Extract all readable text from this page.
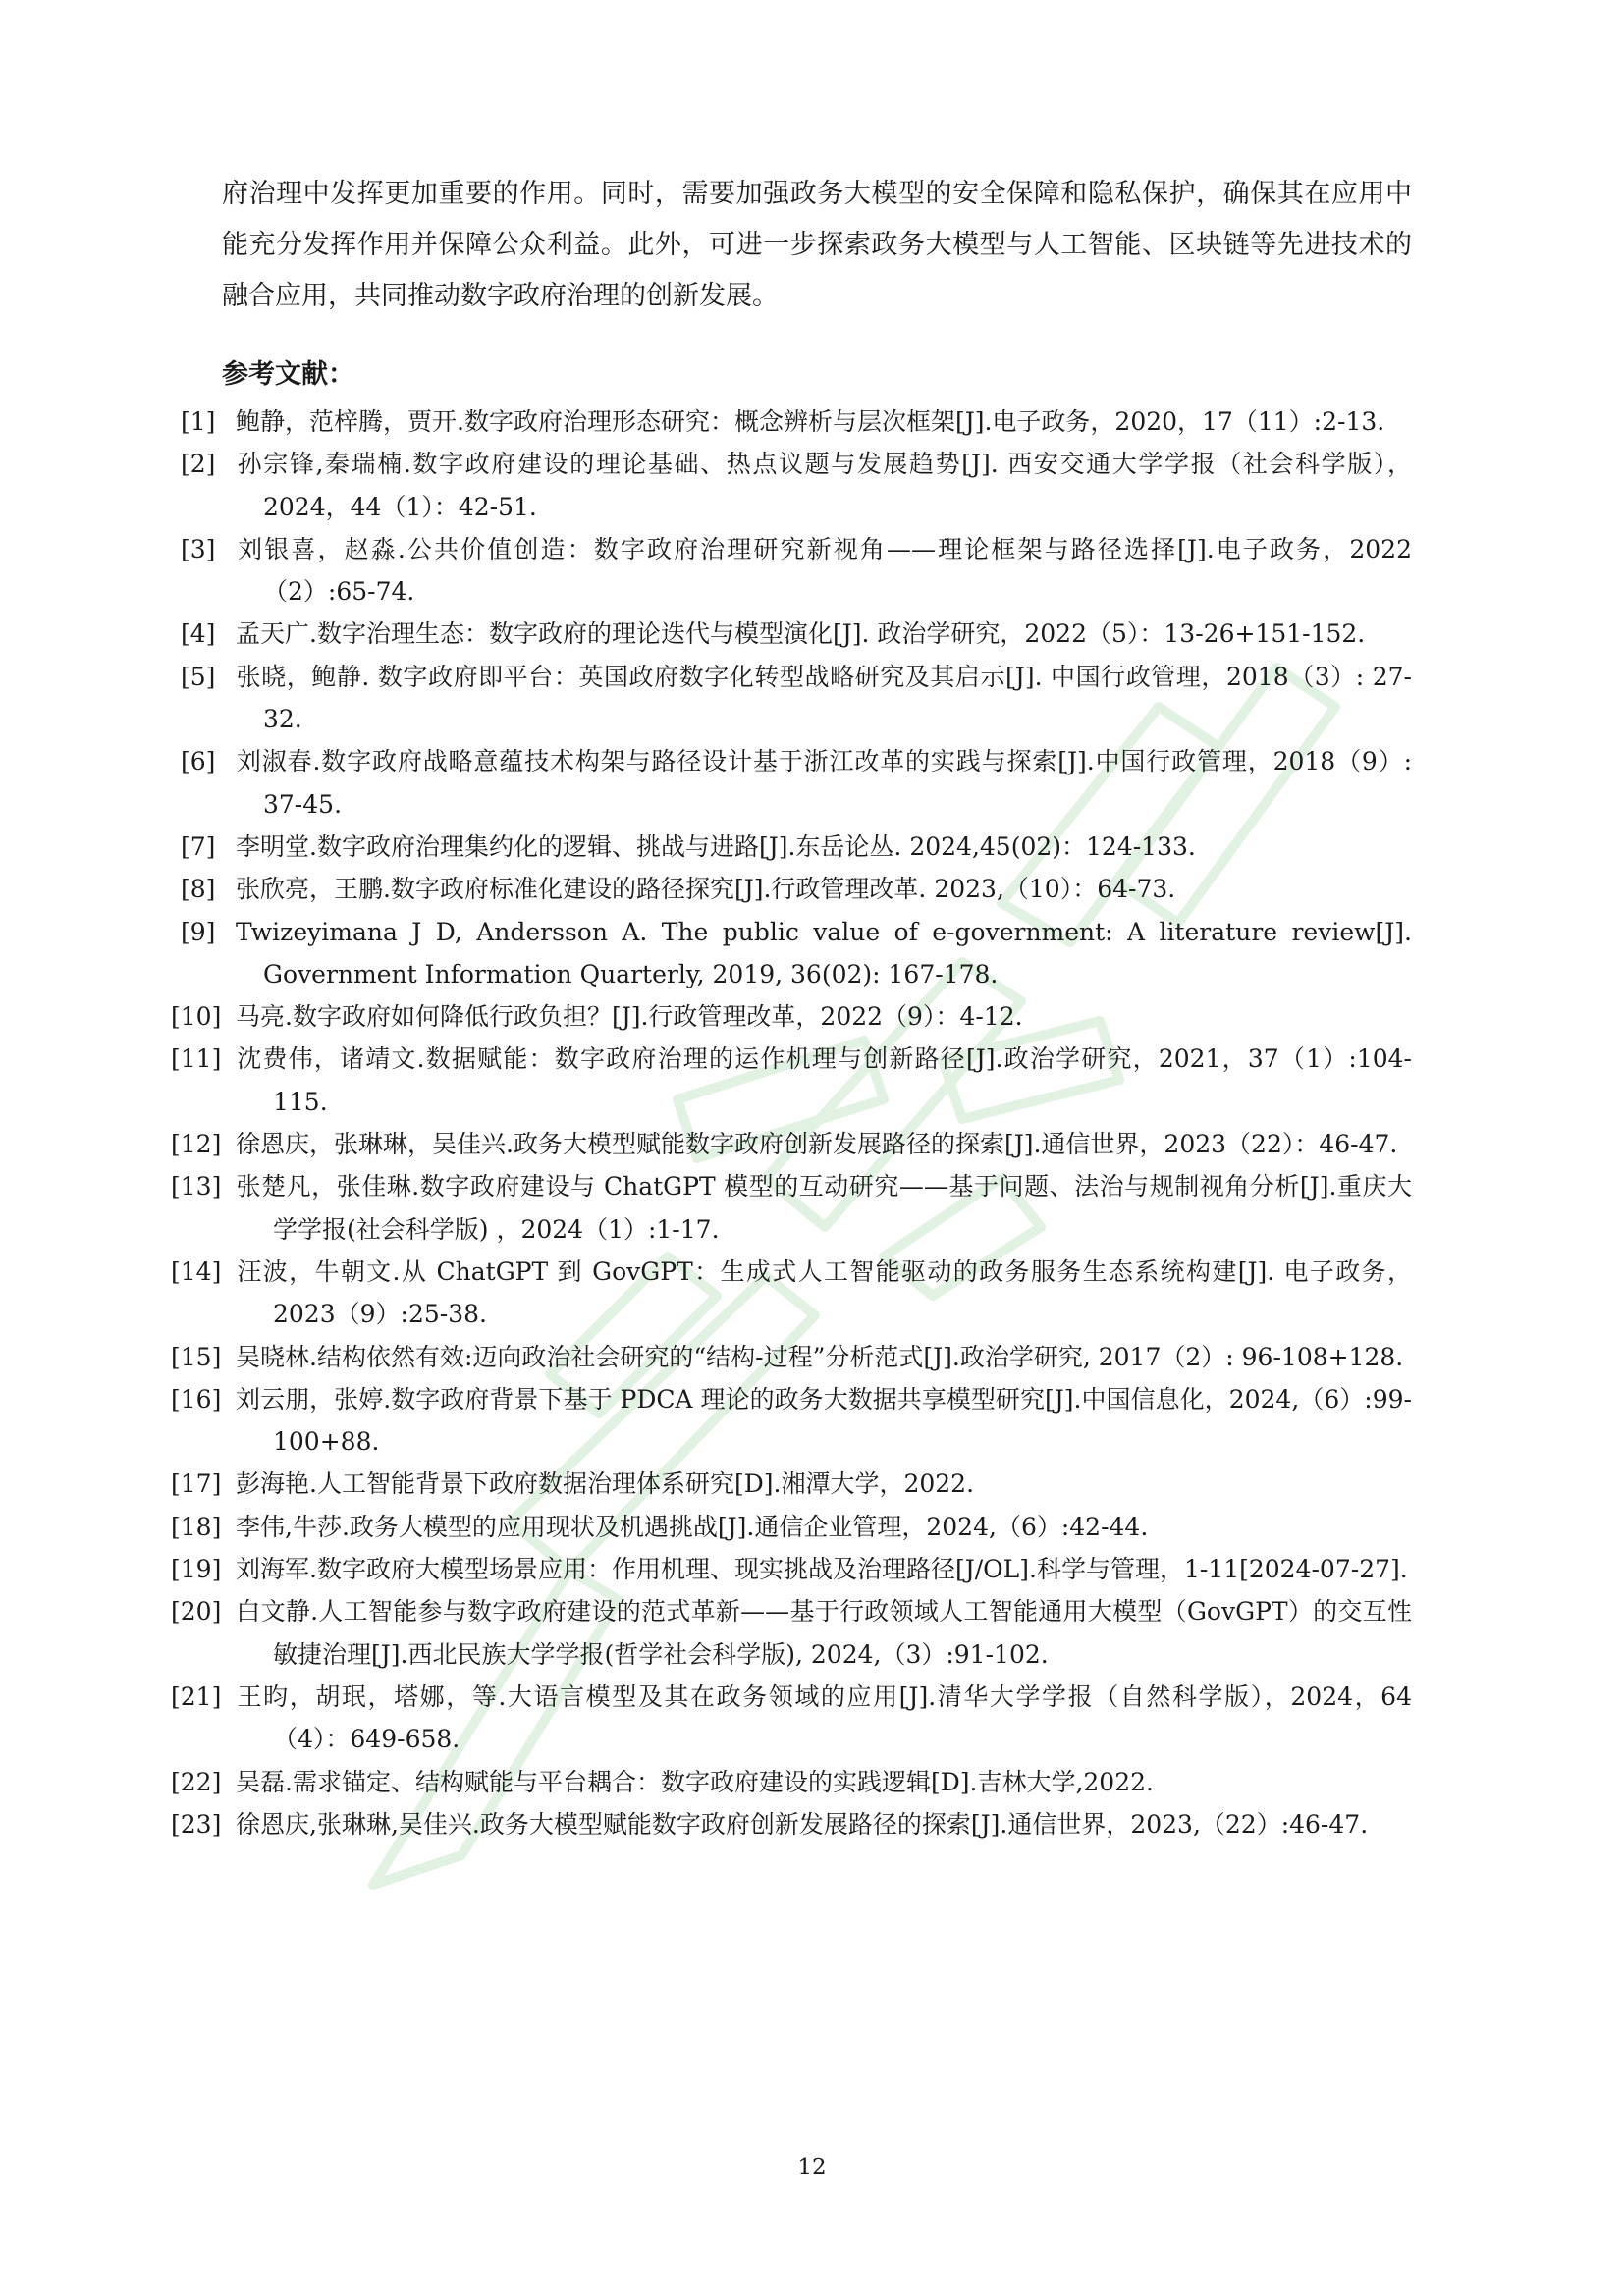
府治理中发挥更加重要的作用。同时，需要加强政务大模型的安全保障和隐私保护，确保其在应用中能充分发挥作用并保障公众利益。此外，可进一步探索政务大模型与人工智能、区块链等先进技术的融合应用，共同推动数字政府治理的创新发展。

参考文献：
[1] 鲍静，范梓腾，贾开.数字政府治理形态研究：概念辨析与层次框架[J].电子政务，2020，17（11）:2-13.
[2] 孙宗锋,秦瑞楠.数字政府建设的理论基础、热点议题与发展趋势[J]. 西安交通大学学报（社会科学版），2024，44（1）：42-51.
[3] 刘银喜，赵淼.公共价值创造：数字政府治理研究新视角——理论框架与路径选择[J].电子政务，2022（2）:65-74.
[4] 孟天广.数字治理生态：数字政府的理论迭代与模型演化[J]. 政治学研究，2022（5）：13-26+151-152.
[5] 张晓，鲍静. 数字政府即平台：英国政府数字化转型战略研究及其启示[J]. 中国行政管理，2018（3）: 27-32.
[6] 刘淑春.数字政府战略意蕴技术构架与路径设计基于浙江改革的实践与探索[J].中国行政管理，2018（9）: 37-45.
[7] 李明堂.数字政府治理集约化的逻辑、挑战与进路[J].东岳论丛. 2024,45(02)：124-133.
[8] 张欣亮，王鹏.数字政府标准化建设的路径探究[J].行政管理改革. 2023,（10）：64-73.
[9] Twizeyimana J D, Andersson A. The public value of e-government: A literature review[J]. Government Information Quarterly, 2019, 36(02): 167-178.
[10] 马亮.数字政府如何降低行政负担？[J].行政管理改革，2022（9）：4-12.
[11] 沈费伟，诸靖文.数据赋能：数字政府治理的运作机理与创新路径[J].政治学研究，2021，37（1）:104-115.
[12] 徐恩庆，张琳琳，吴佳兴.政务大模型赋能数字政府创新发展路径的探索[J].通信世界，2023（22）：46-47.
[13] 张楚凡，张佳琳.数字政府建设与 ChatGPT 模型的互动研究——基于问题、法治与规制视角分析[J].重庆大学学报(社会科学版) ，2024（1）:1-17.
[14] 汪波，牛朝文.从 ChatGPT 到 GovGPT：生成式人工智能驱动的政务服务生态系统构建[J]. 电子政务，2023（9）:25-38.
[15] 吴晓林.结构依然有效:迈向政治社会研究的“结构-过程”分析范式[J].政治学研究, 2017（2）: 96-108+128.
[16] 刘云朋，张婷.数字政府背景下基于 PDCA 理论的政务大数据共享模型研究[J].中国信息化，2024,（6）:99-100+88.
[17] 彭海艳.人工智能背景下政府数据治理体系研究[D].湘潭大学，2022.
[18] 李伟,牛莎.政务大模型的应用现状及机遇挑战[J].通信企业管理，2024,（6）:42-44.
[19] 刘海军.数字政府大模型场景应用：作用机理、现实挑战及治理路径[J/OL].科学与管理，1-11[2024-07-27].
[20] 白文静.人工智能参与数字政府建设的范式革新——基于行政领域人工智能通用大模型（GovGPT）的交互性敏捷治理[J].西北民族大学学报(哲学社会科学版), 2024,（3）:91-102.
[21] 王昀，胡珉，塔娜，等.大语言模型及其在政务领域的应用[J].清华大学学报（自然科学版），2024，64（4）：649-658.
[22] 吴磊.需求锚定、结构赋能与平台耦合：数字政府建设的实践逻辑[D].吉林大学,2022.
[23] 徐恩庆,张琳琳,吴佳兴.政务大模型赋能数字政府创新发展路径的探索[J].通信世界，2023,（22）:46-47.
12
